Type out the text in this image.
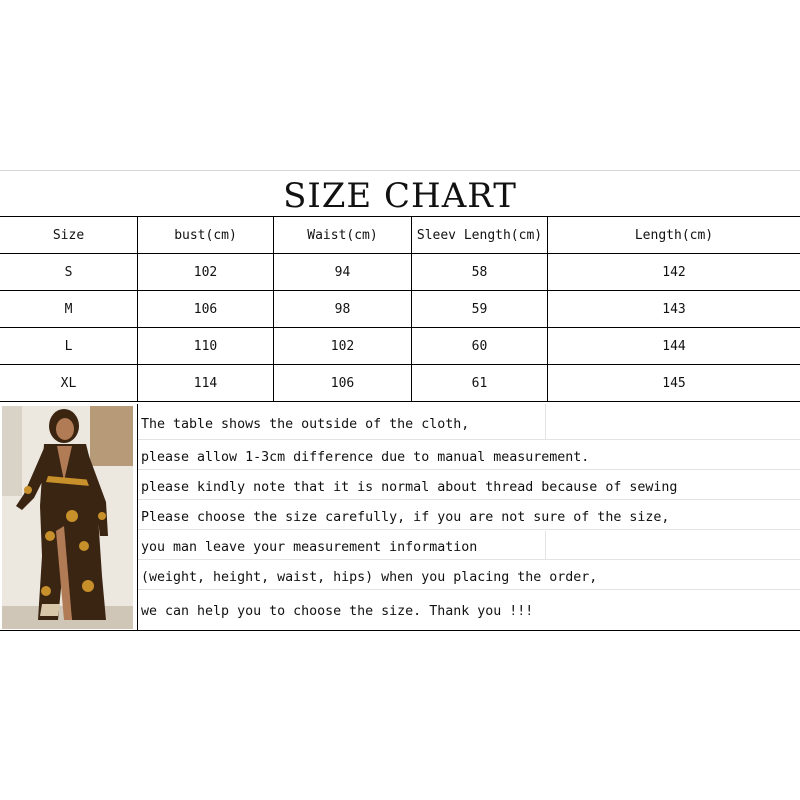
SIZE CHART
Size	bust(cm)	Waist(cm)	Sleev Length(cm)	Length(cm)
S	102	94	58	142
M	106	98	59	143
L	110	102	60	144
XL	114	106	61	145
The table shows the outside of the cloth,
please allow 1-3cm difference due to manual measurement.
please kindly note that it is normal about thread because of sewing
Please choose the size carefully, if you are not sure of the size,
you man leave your measurement information
(weight, height, waist, hips) when you placing the order,
we can help you to choose the size. Thank you !!!
